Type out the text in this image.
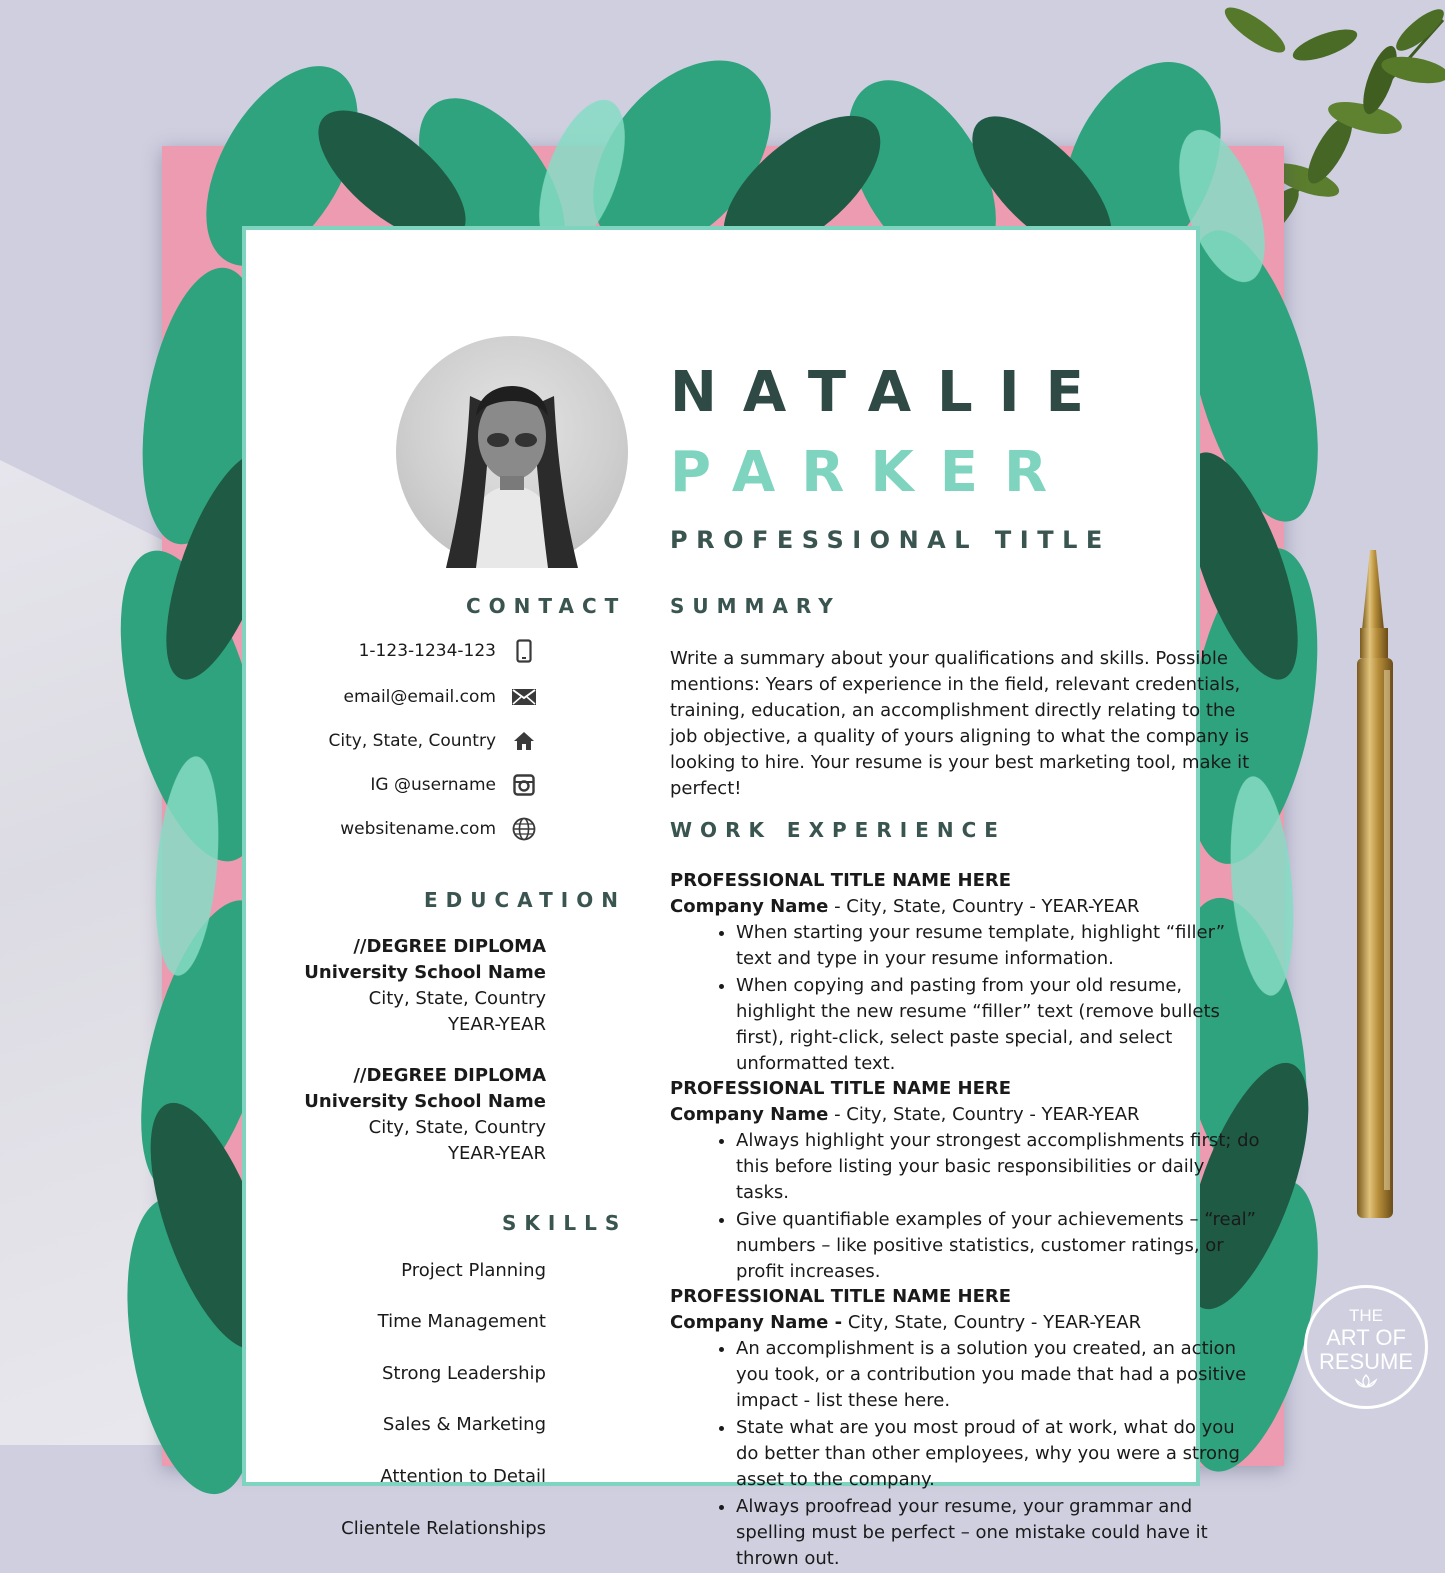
NATALIE
PARKER
PROFESSIONAL TITLE
CONTACT
1-123-1234-123
email@email.com
City, State, Country
IG @username
websitename.com
EDUCATION
//DEGREE DIPLOMA
University School Name
City, State, Country
YEAR-YEAR
//DEGREE DIPLOMA
University School Name
City, State, Country
YEAR-YEAR
SKILLS
Project Planning
Time Management
Strong Leadership
Sales & Marketing
Attention to Detail
Clientele Relationships
SUMMARY
Write a summary about your qualifications and skills. Possible mentions: Years of experience in the field, relevant credentials, training, education, an accomplishment directly relating to the job objective, a quality of yours aligning to what the company is looking to hire. Your resume is your best marketing tool, make it perfect!
WORK EXPERIENCE
PROFESSIONAL TITLE NAME HERE
Company Name - City, State, Country - YEAR-YEAR
• When starting your resume template, highlight “filler” text and type in your resume information.
• When copying and pasting from your old resume, highlight the new resume “filler” text (remove bullets first), right-click, select paste special, and select unformatted text.
PROFESSIONAL TITLE NAME HERE
Company Name - City, State, Country - YEAR-YEAR
• Always highlight your strongest accomplishments first; do this before listing your basic responsibilities or daily tasks.
• Give quantifiable examples of your achievements – “real” numbers – like positive statistics, customer ratings, or profit increases.
PROFESSIONAL TITLE NAME HERE
Company Name - City, State, Country - YEAR-YEAR
• An accomplishment is a solution you created, an action you took, or a contribution you made that had a positive impact - list these here.
• State what are you most proud of at work, what do you do better than other employees, why you were a strong asset to the company.
• Always proofread your resume, your grammar and spelling must be perfect – one mistake could have it thrown out.
THE
ART OF
RESUME
